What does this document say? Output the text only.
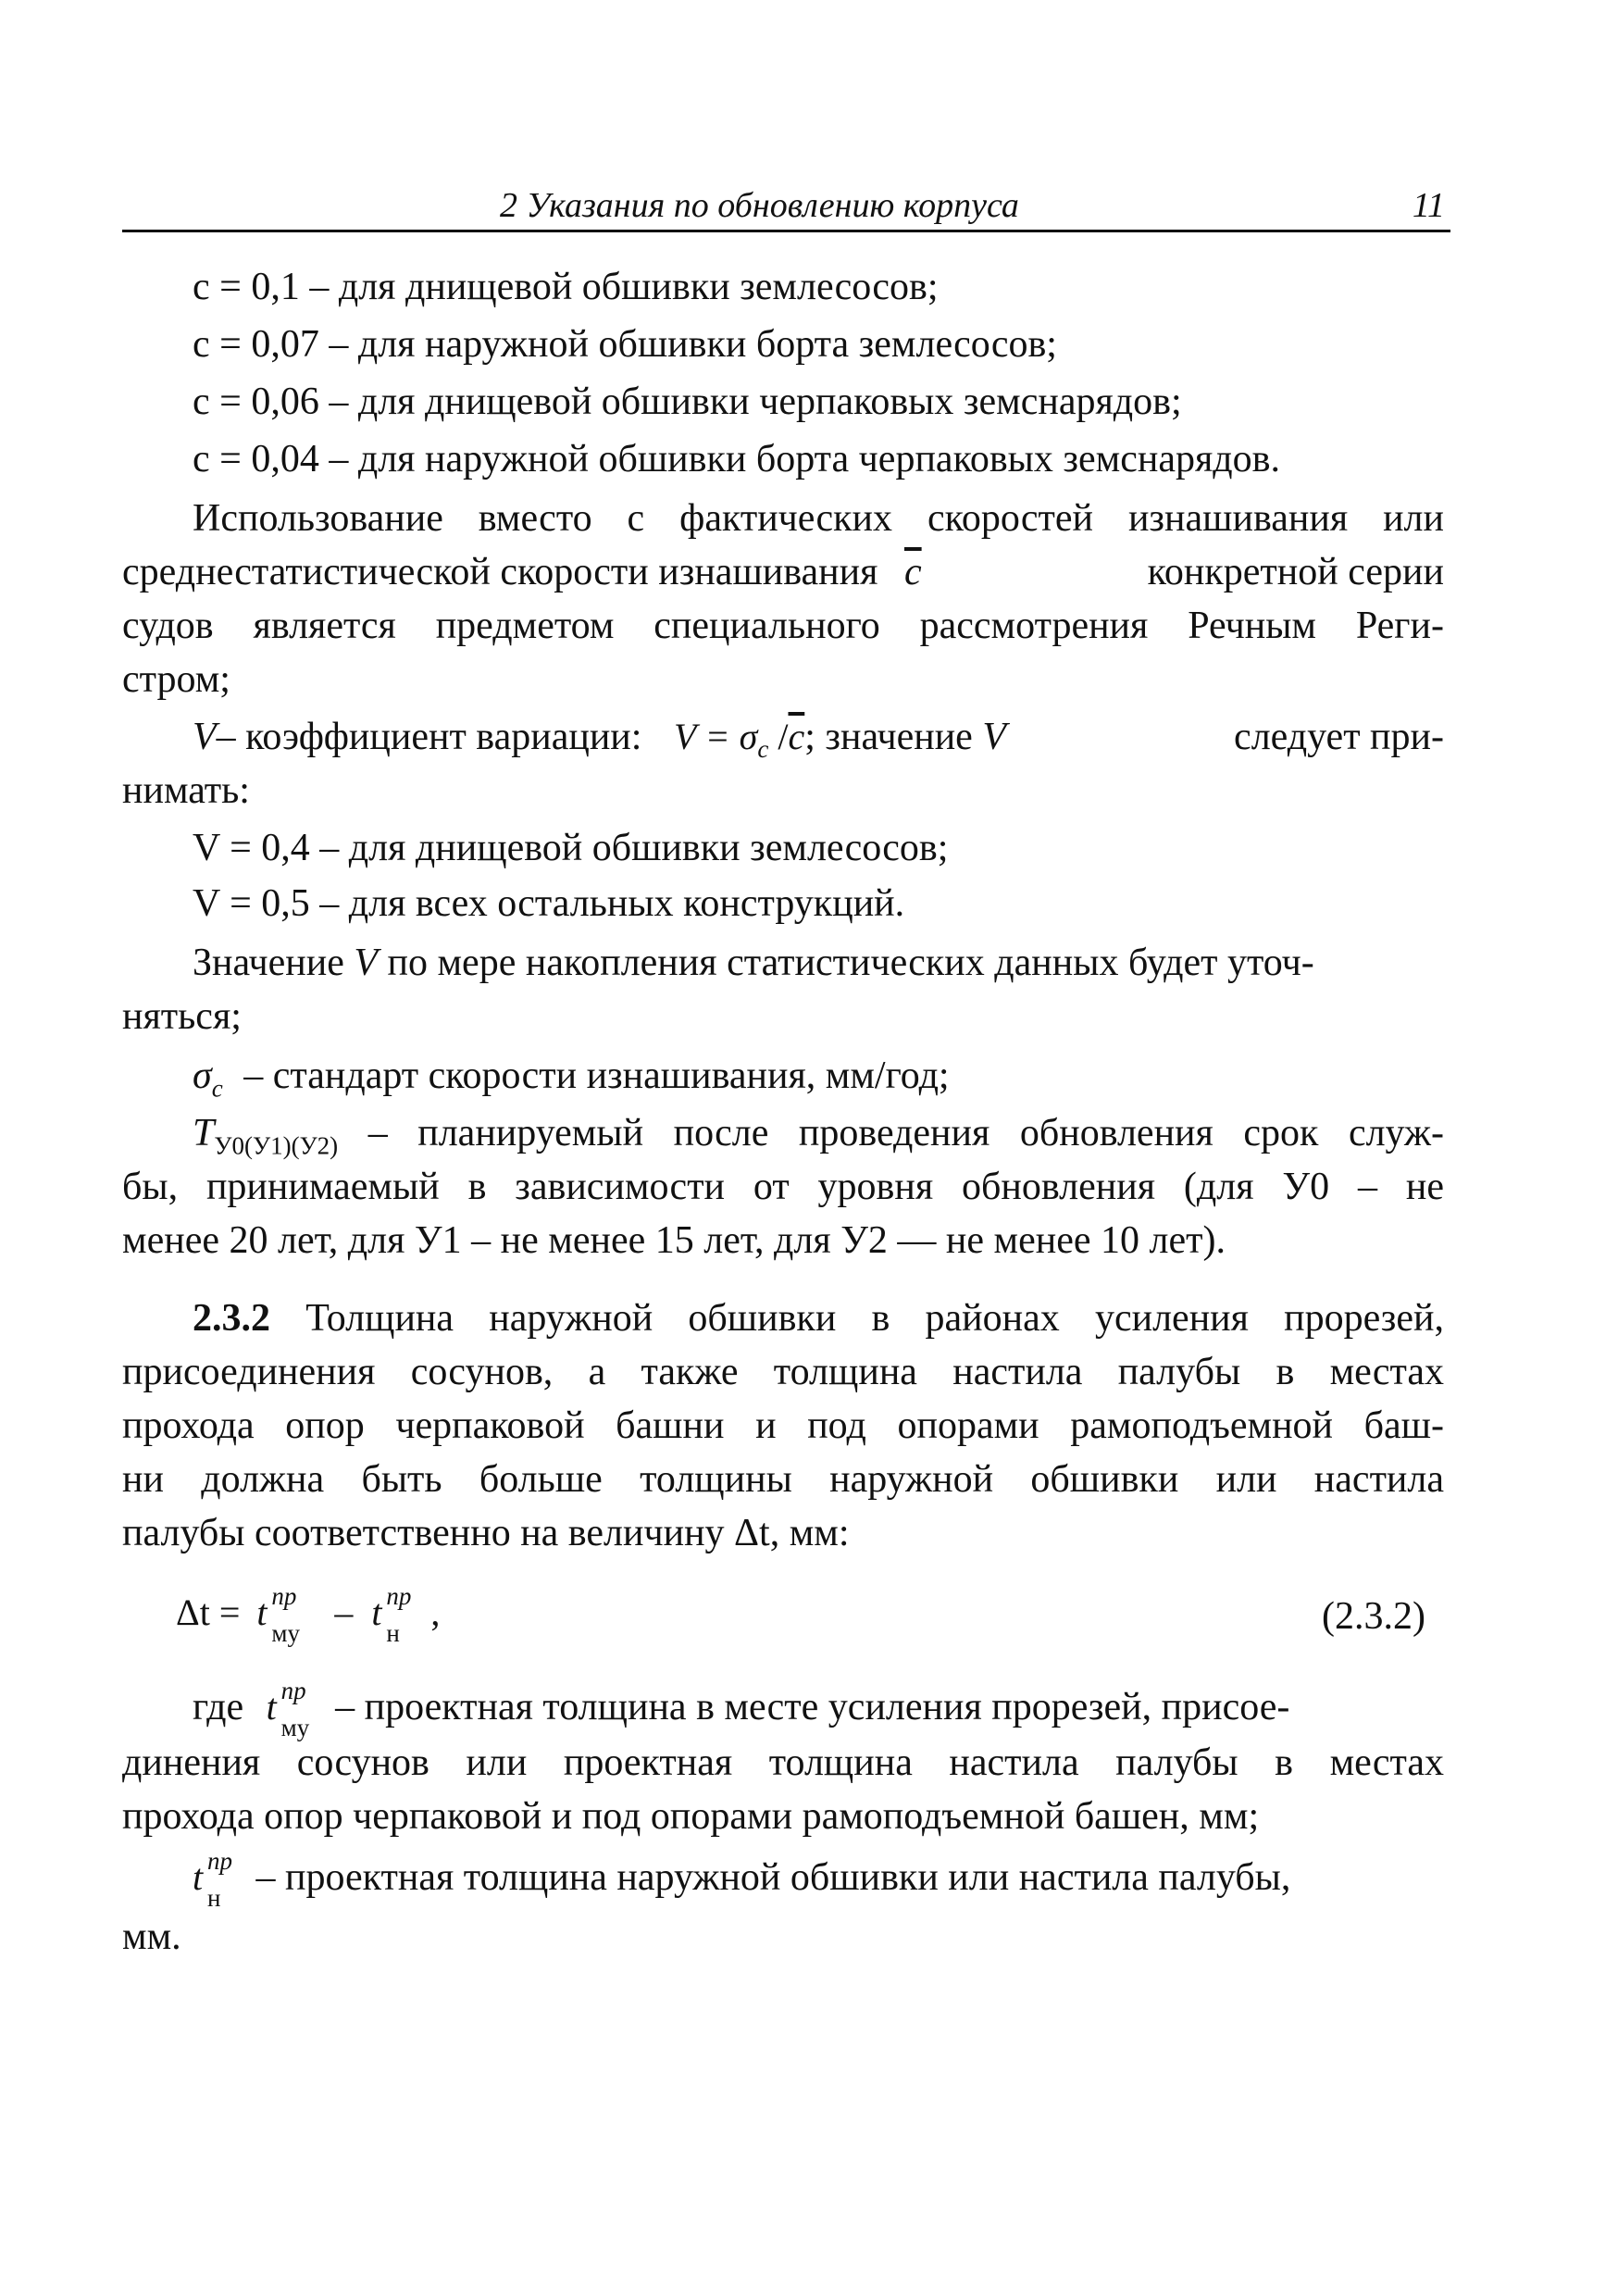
2 Указания по обновлению корпуса	11
с = 0,1 – для днищевой обшивки землесосов;
с = 0,07 – для наружной обшивки борта землесосов;
с = 0,06 – для днищевой обшивки черпаковых земснарядов;
с = 0,04 – для наружной обшивки борта черпаковых земснарядов.
Использование вместо с фактических скоростей изнашивания или
среднестатистической скорости изнашивания с	конкретной серии
судов является предметом специального рассмотрения Речным Реги-
стром;
V– коэффициент вариации: $V = \sigma_c$ $/\overline{c}$; значение V	следует при-
нимать:
V = 0,4 – для днищевой обшивки землесосов;
V = 0,5 – для всех остальных конструкций.
Значение V по мере накопления статистических данных будет уточ-
няться;
$\sigma_c$ – стандарт скорости изнашивания, мм/год;
$T_{У0(У1)(У2)}$ – планируемый после проведения обновления срок служ-
бы, принимаемый в зависимости от уровня обновления (для У0 – не
менее 20 лет, для У1 – не менее 15 лет, для У2 — не менее 10 лет).
2.3.2 Толщина наружной обшивки в районах усиления прорезей,
присоединения сосунов, а также толщина настила палубы в местах
прохода опор черпаковой башни и под опорами рамоподъемной баш-
ни должна быть больше толщины наружной обшивки или настила
палубы соответственно на величину Δt, мм:
Δt = t пр
му – t пр
н ,	(2.3.2)
где t пр
му – проектная толщина в месте усиления прорезей, присое-
динения сосунов или проектная толщина настила палубы в местах
прохода опор черпаковой и под опорами рамоподъемной башен, мм;
t пр
н – проектная толщина наружной обшивки или настила палубы,
мм.
